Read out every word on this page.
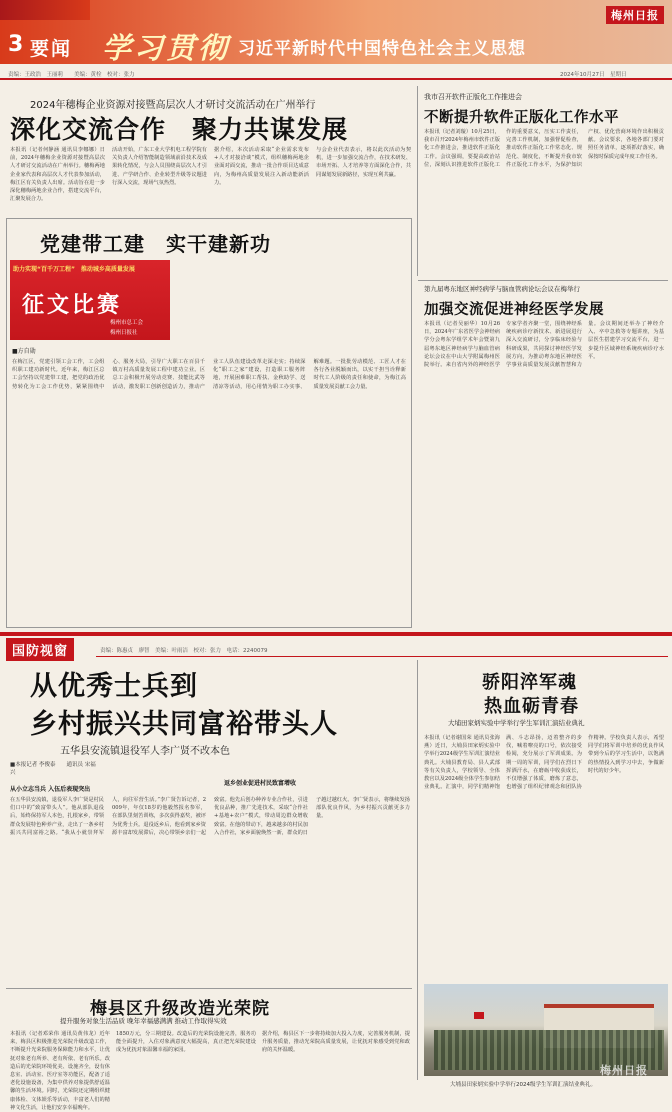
3 要闻 学习贯彻 习近平新时代中国特色社会主义思想
梅州日报
责编：王政浩　王丽莉　　美编：黄栓　校对：张力	2024年10月27日　星期日
2024年穗梅企业资源对接暨高层次人才研讨交流活动在广州举行
深化交流合作　聚力共谋发展
本报讯（记者何静涵 通讯员李娜娜）日前，2024年穗梅企业资源对接暨高层次人才研讨交流活动在广州举行。穗梅两地企业家代表和高层次人才代表参加活动，梅江区有关负责人出席。活动旨在进一步深化穗梅两地企业合作，搭建交流平台，汇聚发展合力。
活动开始，广东工业大学机电工程学院有关负责人介绍智能制造领域前沿技术及成果转化情况，与会人员围绕高层次人才引进、产学研合作、企业转型升级等议题进行深入交流，现场气氛热烈。
据介绍，本次活动采取“企业需求发布+人才对接洽谈”模式，组织穗梅两地企业面对面交流，推动一批合作项目达成意向，为梅州高质量发展注入新动能新活力。
与会企业代表表示，将以此次活动为契机，进一步加强交流合作，在技术研发、市场开拓、人才培养等方面深化合作，共同谋划发展新路径，实现互利共赢。
我市召开软件正版化工作推进会
不断提升软件正版化工作水平
本报讯（记者刘璇）10月25日，我市召开2024年梅州市软件正版化工作推进会，推进软件正版化工作。会议强调，要提高政治站位，深刻认识推进软件正版化工作的重要意义，压实工作责任，完善工作机制，加强督促检查，推动软件正版化工作常态化、规范化、制度化，不断提升我市软件正版化工作水平，为保护知识产权、优化营商环境作出积极贡献。会议要求，各地各部门要对照任务清单，逐项抓好落实，确保按时保质完成年度工作任务。
党建带工建　实干建新功
助力实现“百千万工程”　推动城乡高质量发展
征文比赛
梅州市总工会
梅州日报社
■方自勋
在梅江区，党建引领工会工作，工会组织职工建功新时代。近年来，梅江区总工会坚持以党建带工建，把党的政治优势转化为工会工作优势，紧紧围绕中心、服务大局，引导广大职工在百县千镇万村高质量发展工程中建功立业。区总工会积极开展劳动竞赛、技能比武等活动，激发职工创新创造活力，推动产业工人队伍建设改革走深走实；持续深化“职工之家”建设，打造职工服务阵地，开展困难职工帮扶、金秋助学、送清凉等活动，用心用情为职工办实事、解难题。一批批劳动模范、工匠人才在各行各业脱颖而出，以实干担当诠释新时代工人阶级的责任和使命，为梅江高质量发展贡献工会力量。
第九届粤东地区神经病学与脑血管病论坛会议在梅举行
加强交流促进神经医学发展
本报讯（记者吴丽华）10月26日，2024年广东省医学会神经病学分会粤东学组学术年会暨第九届粤东地区神经病学与脑血管病论坛会议在中山大学附属梅州医院举行。来自省内外的神经医学专家学者齐聚一堂，围绕神经系统疾病诊疗新技术、新进展进行深入交流研讨，分享临床经验与科研成果，共同探讨神经医学发展方向，为推动粤东地区神经医学事业高质量发展贡献智慧和力量。会议期间还举办了神经介入、卒中急救等专题讲座，为基层医生搭建学习交流平台，进一步提升区域神经系统疾病诊疗水平。
国防视窗	责编：陈惠贞　廖智　美编：叶雨洁　校对：张力　电话：2240079
从优秀士兵到
乡村振兴共同富裕带头人
五华县安流镇退役军人李广贤不改本色
■本报记者 李俊泰　　通讯员 宋福兴
从小立志当兵 入伍后表现突出
在五华县安流镇，退役军人李广贤是村民们口中的“致富带头人”。他从部队退役后，始终保持军人本色，扎根家乡，带领群众发展特色种养产业，走出了一条乡村振兴共同富裕之路。“我从小就崇拜军人，向往军营生活。”李广贤告诉记者，2009年，年仅18岁的他毅然报名参军，在部队里刻苦训练，多次获得嘉奖，被评为优秀士兵。退役返乡后，他看到家乡资源丰富却发展滞后，决心带领乡亲们一起致富。他先后创办种养专业合作社，引进优良品种，推广先进技术，采取“合作社+基地+农户”模式，带动周边群众增收致富。在他的带动下，越来越多的村民加入合作社，家乡面貌焕然一新，群众的日子越过越红火。李广贤表示，将继续发扬部队优良作风，为乡村振兴贡献更多力量。
返乡创业促进村民致富增收
骄阳淬军魂
热血砺青春
大埔田家炳实验中学举行学生军训汇演结业典礼
本报讯（记者谢国荣 通讯员张海燕）近日，大埔县田家炳实验中学举行2024级学生军训汇演结业典礼。大埔县教育局、县人武部等有关负责人，学校领导、全体教官以及2024级全体学生参加结业典礼。汇演中，同学们精神饱满、斗志昂扬，迈着整齐的步伐，喊着嘹亮的口号，依次接受检阅，充分展示了军训成果。为期一周的军训，同学们在烈日下挥洒汗水，在磨砺中收获成长，不仅增强了体质，磨炼了意志，也增强了组织纪律观念和团队协作精神。学校负责人表示，希望同学们将军训中培养的优良作风带到今后的学习生活中，以饱满的热情投入到学习中去，争做新时代的好少年。
大埔县田家炳实验中学举行2024级学生军训汇演结业典礼。
梅州日报
梅县区升级改造光荣院
提升服务对象生活品质 晚年幸福感满满 推动工作取得实效
本报讯（记者邓荣伟 通讯员黄伟龙）近年来，梅县区积极推进光荣院升级改造工作，不断提升光荣院服务保障能力和水平，让优抚对象老有所养、老有所依、老有所乐。改造后的光荣院环境优美、设施齐全，设有休息室、活动室、医疗室等功能区，配备了适老化设施设备，为集中供养对象提供舒适温馨的生活环境。同时，光荣院还定期组织健康体检、文体娱乐等活动，丰富老人们的精神文化生活，让他们安享幸福晚年。
1850万元，分三期建设。改造后的光荣院设施完善，服务功能全面提升，入住对象满意度大幅提高，真正把光荣院建设成为优抚对象温馨幸福的家园。
据介绍，梅县区下一步将持续加大投入力度，完善服务机制，提升服务质量，推动光荣院高质量发展，让优抚对象感受到党和政府的关怀温暖。
